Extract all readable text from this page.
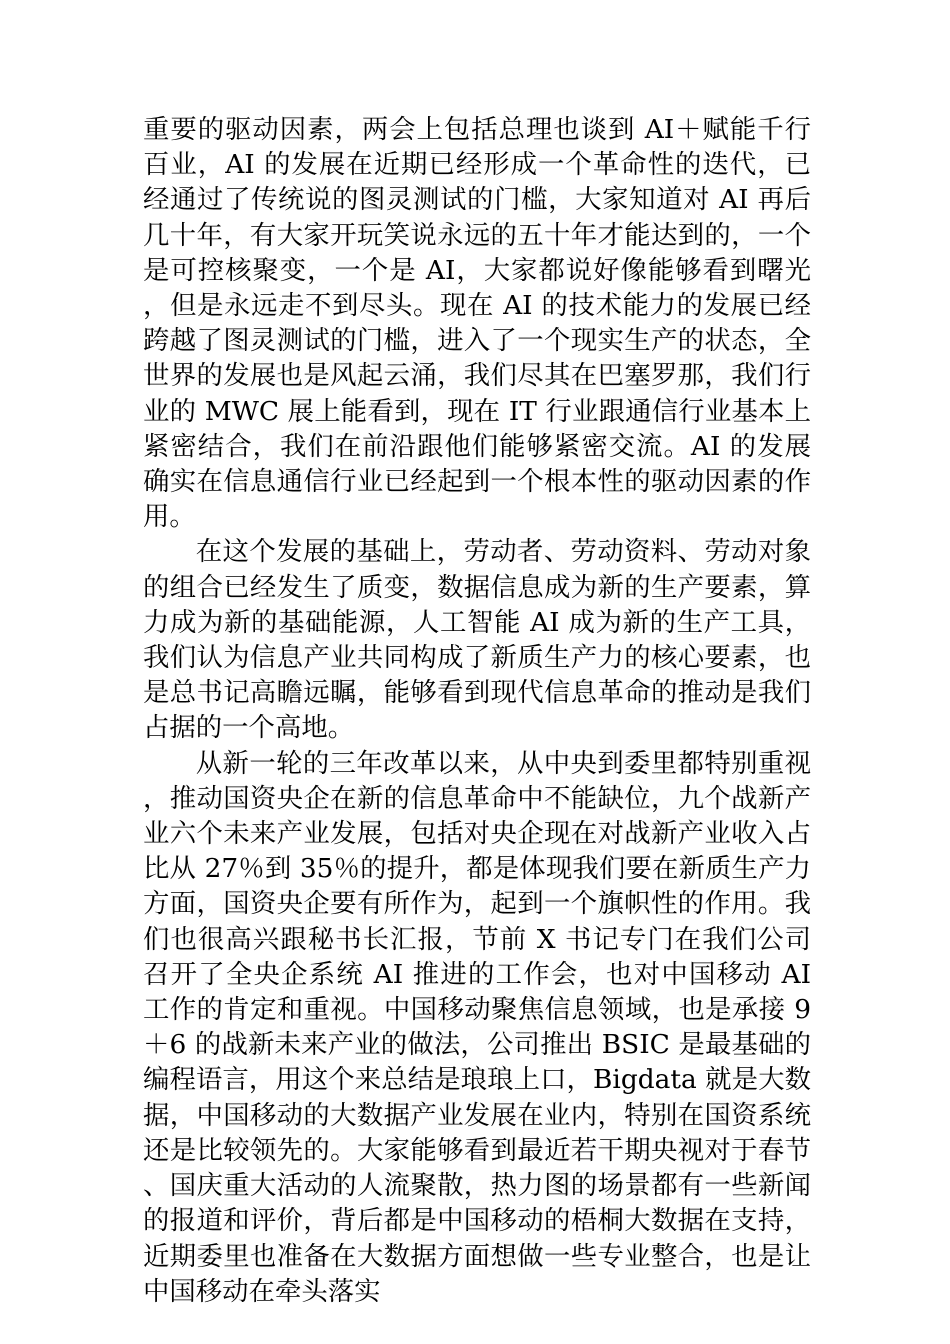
重要的驱动因素，两会上包括总理也谈到 AI＋赋能千行百业，AI 的发展在近期已经形成一个革命性的迭代，已经通过了传统说的图灵测试的门槛，大家知道对 AI 再后几十年，有大家开玩笑说永远的五十年才能达到的，一个是可控核聚变，一个是 AI，大家都说好像能够看到曙光，但是永远走不到尽头。现在 AI 的技术能力的发展已经跨越了图灵测试的门槛，进入了一个现实生产的状态，全世界的发展也是风起云涌，我们尽其在巴塞罗那，我们行业的 MWC 展上能看到，现在 IT 行业跟通信行业基本上紧密结合，我们在前沿跟他们能够紧密交流。AI 的发展确实在信息通信行业已经起到一个根本性的驱动因素的作用。

在这个发展的基础上，劳动者、劳动资料、劳动对象的组合已经发生了质变，数据信息成为新的生产要素，算力成为新的基础能源，人工智能 AI 成为新的生产工具，我们认为信息产业共同构成了新质生产力的核心要素，也是总书记高瞻远瞩，能够看到现代信息革命的推动是我们占据的一个高地。

从新一轮的三年改革以来，从中央到委里都特别重视，推动国资央企在新的信息革命中不能缺位，九个战新产业六个未来产业发展，包括对央企现在对战新产业收入占比从 27％到 35％的提升，都是体现我们要在新质生产力方面，国资央企要有所作为，起到一个旗帜性的作用。我们也很高兴跟秘书长汇报，节前 X 书记专门在我们公司召开了全央企系统 AI 推进的工作会，也对中国移动 AI 工作的肯定和重视。中国移动聚焦信息领域，也是承接 9＋6 的战新未来产业的做法，公司推出 BSIC 是最基础的编程语言，用这个来总结是琅琅上口，Bigdata 就是大数据，中国移动的大数据产业发展在业内，特别在国资系统还是比较领先的。大家能够看到最近若干期央视对于春节、国庆重大活动的人流聚散，热力图的场景都有一些新闻的报道和评价，背后都是中国移动的梧桐大数据在支持，近期委里也准备在大数据方面想做一些专业整合，也是让中国移动在牵头落实
